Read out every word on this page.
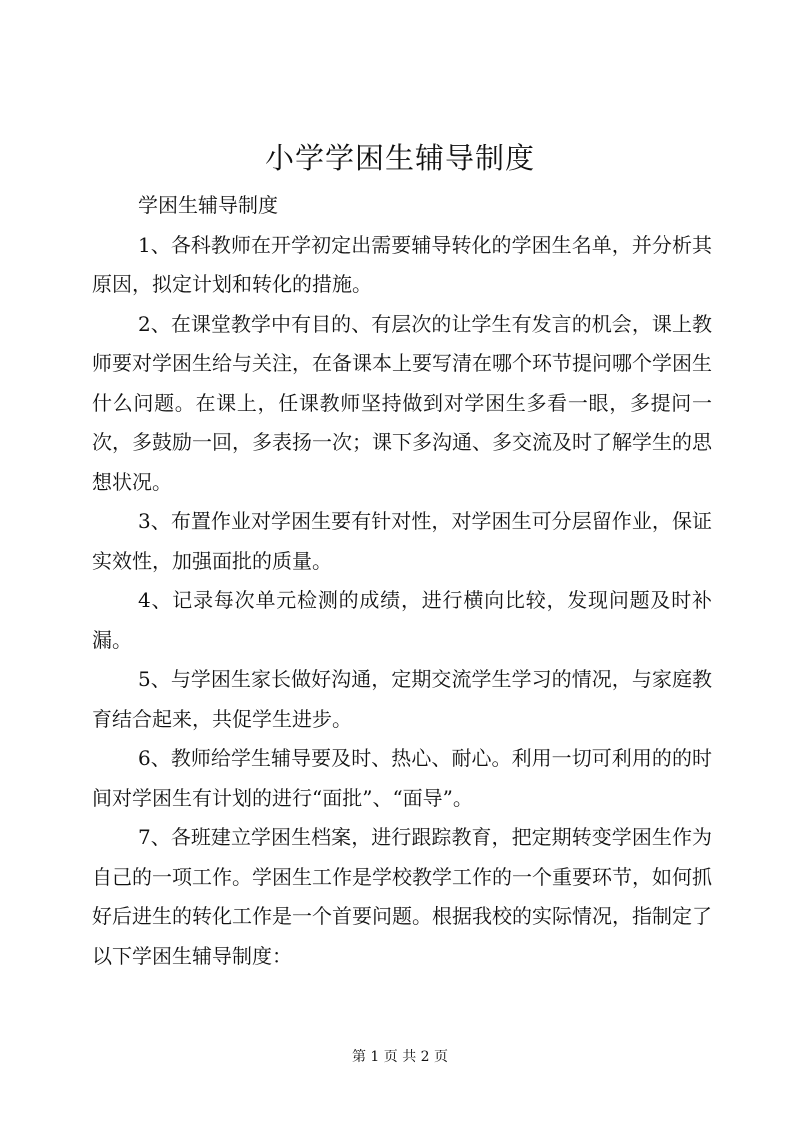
小学学困生辅导制度

学困生辅导制度

1、各科教师在开学初定出需要辅导转化的学困生名单，并分析其原因，拟定计划和转化的措施。

2、在课堂教学中有目的、有层次的让学生有发言的机会，课上教师要对学困生给与关注，在备课本上要写清在哪个环节提问哪个学困生什么问题。在课上，任课教师坚持做到对学困生多看一眼，多提问一次，多鼓励一回，多表扬一次；课下多沟通、多交流及时了解学生的思想状况。

3、布置作业对学困生要有针对性，对学困生可分层留作业，保证实效性，加强面批的质量。

4、记录每次单元检测的成绩，进行横向比较，发现问题及时补漏。

5、与学困生家长做好沟通，定期交流学生学习的情况，与家庭教育结合起来，共促学生进步。

6、教师给学生辅导要及时、热心、耐心。利用一切可利用的的时间对学困生有计划的进行“面批”、“面导”。

7、各班建立学困生档案，进行跟踪教育，把定期转变学困生作为自己的一项工作。学困生工作是学校教学工作的一个重要环节，如何抓好后进生的转化工作是一个首要问题。根据我校的实际情况，指制定了以下学困生辅导制度：

第 1 页 共 2 页
